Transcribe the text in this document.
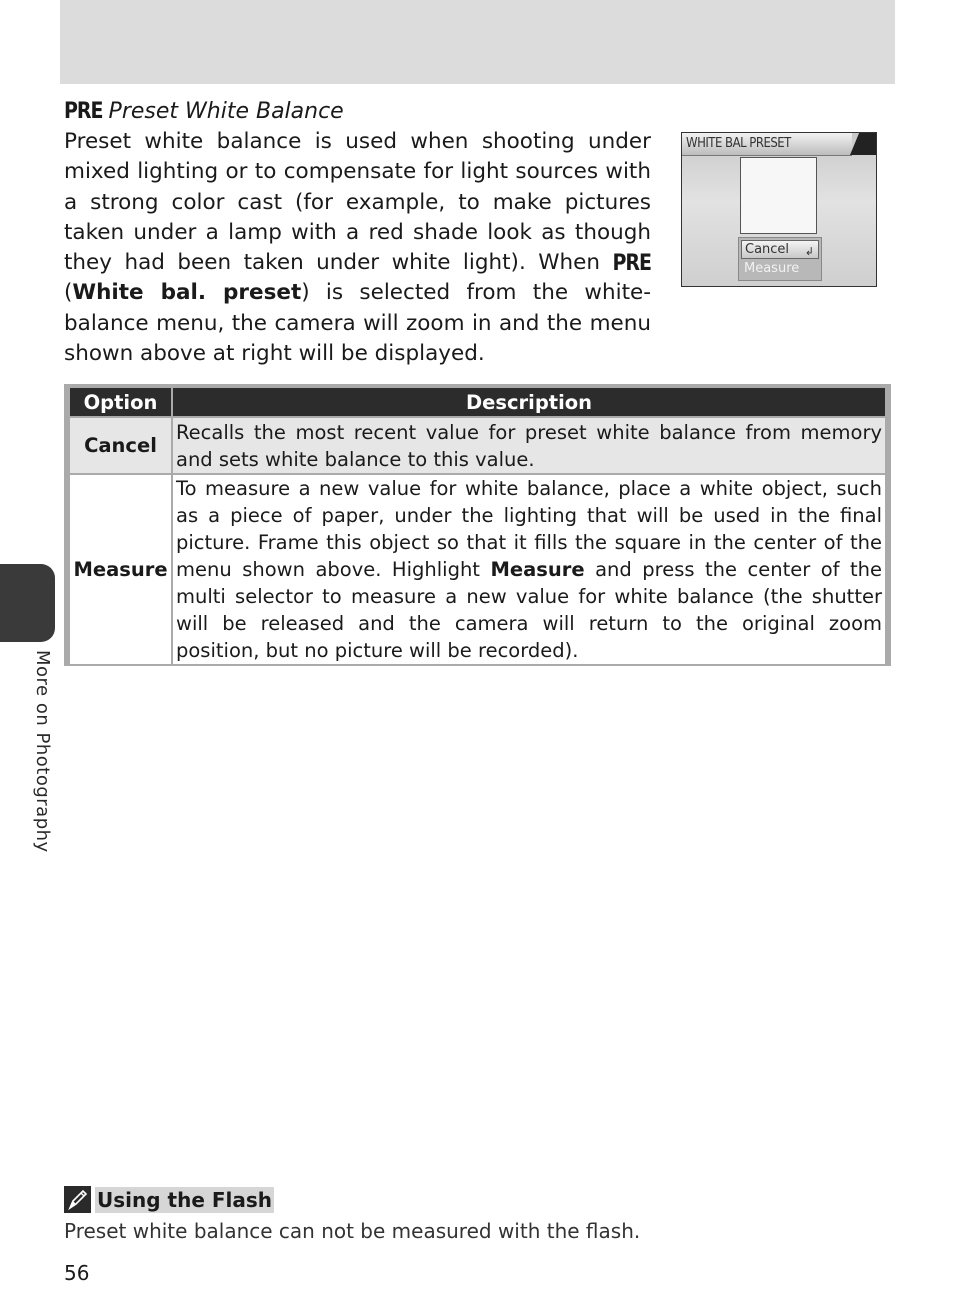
PRE Preset White Balance

Preset white balance is used when shooting under mixed lighting or to compensate for light sources with a strong color cast (for example, to make pictures taken under a lamp with a red shade look as though they had been taken under white light). When PRE (White bal. preset) is selected from the white-balance menu, the camera will zoom in and the menu shown above at right will be displayed.

WHITE BAL PRESET
Cancel ↲
Measure
Option	Description
Cancel	Recalls the most recent value for preset white balance from memory and sets white balance to this value.
Measure	To measure a new value for white balance, place a white object, such as a piece of paper, under the lighting that will be used in the final picture. Frame this object so that it fills the square in the center of the menu shown above. Highlight Measure and press the center of the multi selector to measure a new value for white balance (the shutter will be released and the camera will return to the original zoom position, but no picture will be recorded).
More on Photography
Using the Flash
Preset white balance can not be measured with the flash.
56
